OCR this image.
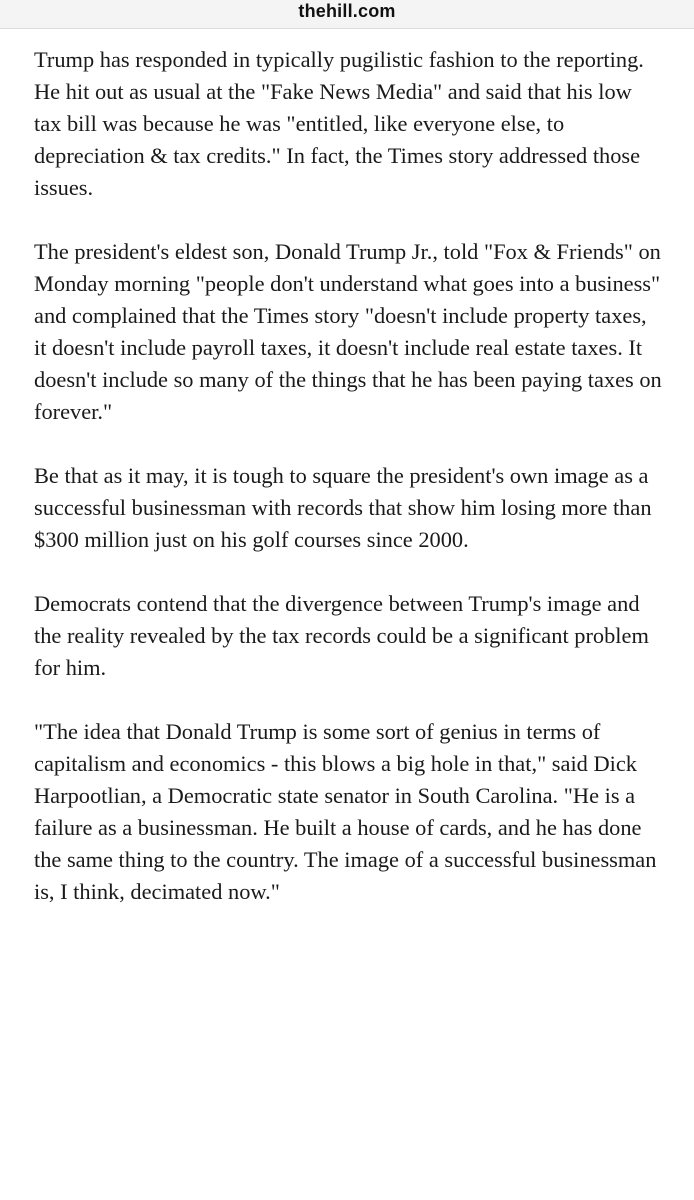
thehill.com

Trump has responded in typically pugilistic fashion to the reporting. He hit out as usual at the "Fake News Media" and said that his low tax bill was because he was "entitled, like everyone else, to depreciation & tax credits." In fact, the Times story addressed those issues.

The president's eldest son, Donald Trump Jr., told "Fox & Friends" on Monday morning "people don't understand what goes into a business" and complained that the Times story "doesn't include property taxes, it doesn't include payroll taxes, it doesn't include real estate taxes. It doesn't include so many of the things that he has been paying taxes on forever."

Be that as it may, it is tough to square the president's own image as a successful businessman with records that show him losing more than $300 million just on his golf courses since 2000.

Democrats contend that the divergence between Trump's image and the reality revealed by the tax records could be a significant problem for him.

"The idea that Donald Trump is some sort of genius in terms of capitalism and economics - this blows a big hole in that," said Dick Harpootlian, a Democratic state senator in South Carolina. "He is a failure as a businessman. He built a house of cards, and he has done the same thing to the country. The image of a successful businessman is, I think, decimated now."
